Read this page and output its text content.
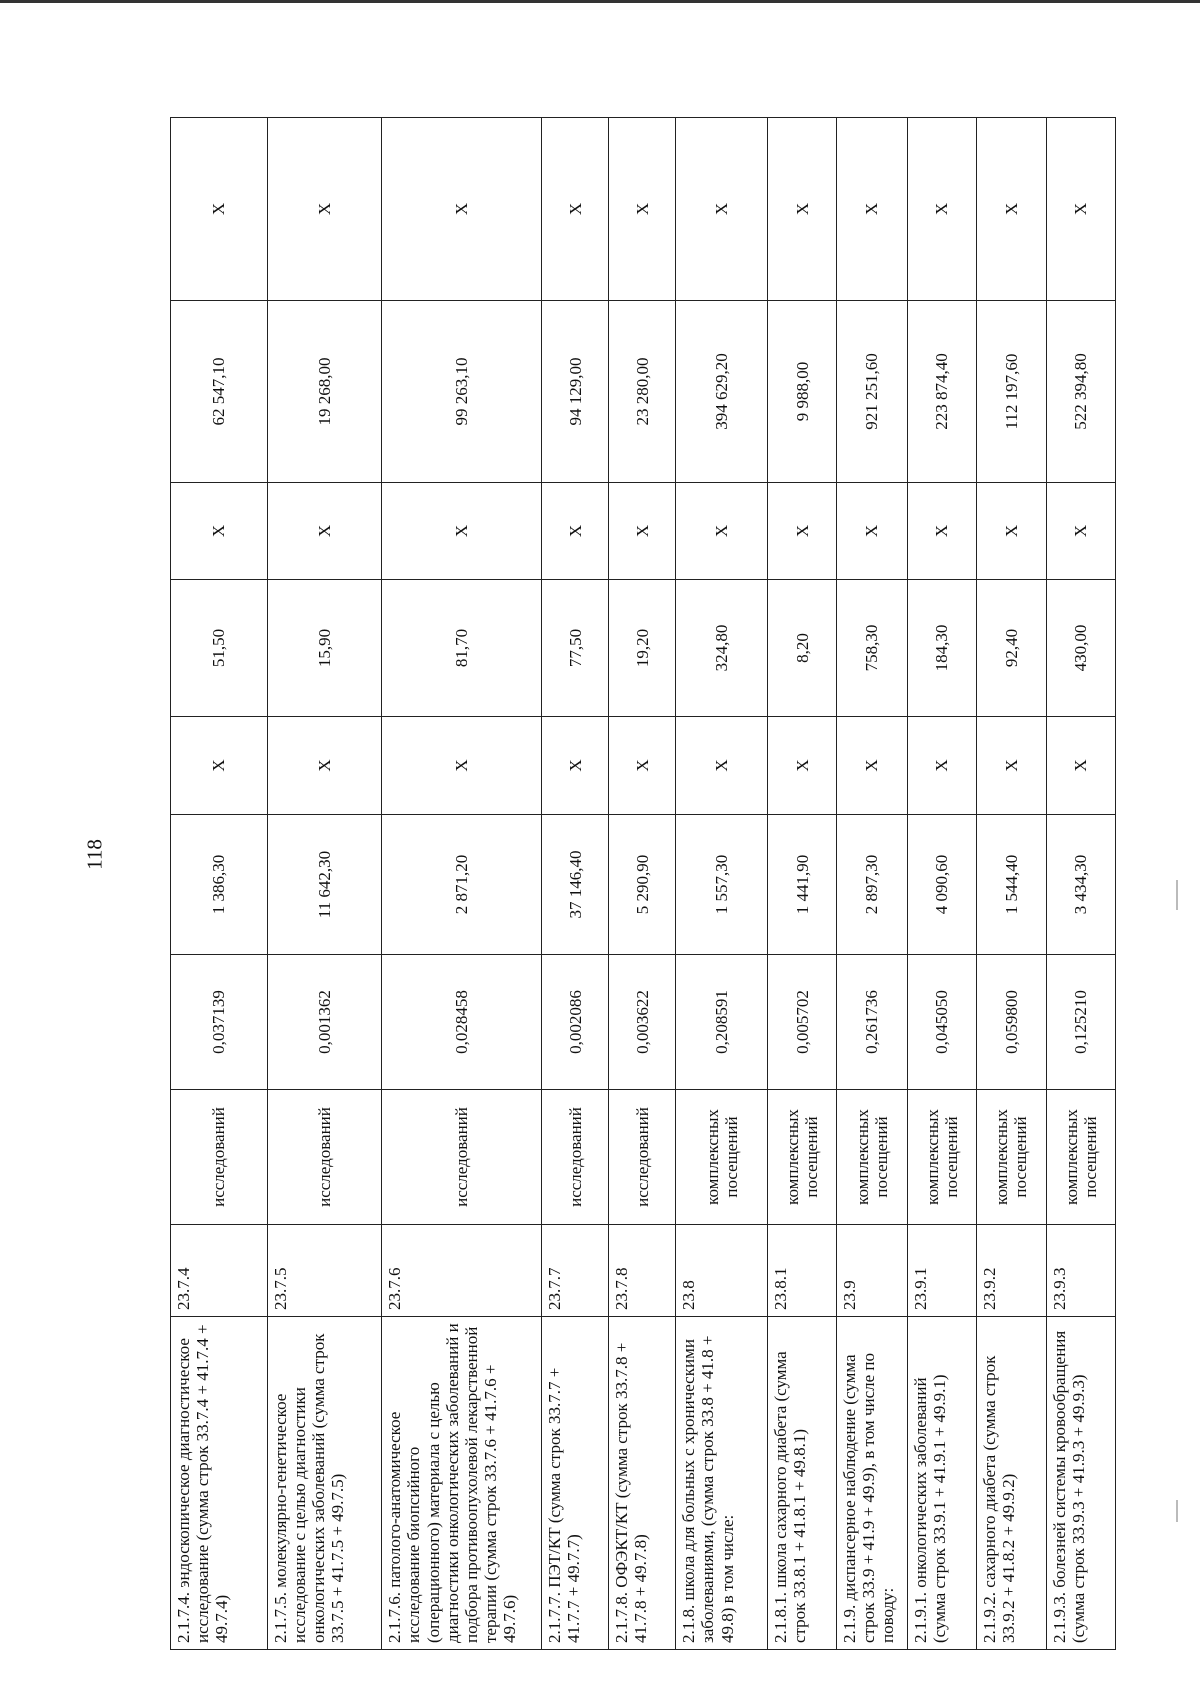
118
2.1.7.4. эндоскопическое диагностическое исследование (сумма строк 33.7.4 + 41.7.4 + 49.7.4)	23.7.4	исследований	0,037139	1 386,30	X	51,50	X	62 547,10	X
2.1.7.5. молекулярно-генетическое исследование с целью диагностики онкологических заболеваний (сумма строк 33.7.5 + 41.7.5 + 49.7.5)	23.7.5	исследований	0,001362	11 642,30	X	15,90	X	19 268,00	X
2.1.7.6. патолого-анатомическое исследование биопсийного (операционного) материала с целью диагностики онкологических заболеваний и подбора противоопухолевой лекарственной терапии (сумма строк 33.7.6 + 41.7.6 + 49.7.6)	23.7.6	исследований	0,028458	2 871,20	X	81,70	X	99 263,10	X
2.1.7.7. ПЭТ/КТ (сумма строк 33.7.7 + 41.7.7 + 49.7.7)	23.7.7	исследований	0,002086	37 146,40	X	77,50	X	94 129,00	X
2.1.7.8. ОФЭКТ/КТ (сумма строк 33.7.8 + 41.7.8 + 49.7.8)	23.7.8	исследований	0,003622	5 290,90	X	19,20	X	23 280,00	X
2.1.8. школа для больных с хроническими заболеваниями, (сумма строк 33.8 + 41.8 + 49.8) в том числе:	23.8	комплексных посещений	0,208591	1 557,30	X	324,80	X	394 629,20	X
2.1.8.1. школа сахарного диабета (сумма строк 33.8.1 + 41.8.1 + 49.8.1)	23.8.1	комплексных посещений	0,005702	1 441,90	X	8,20	X	9 988,00	X
2.1.9. диспансерное наблюдение (сумма строк 33.9 + 41.9 + 49.9), в том числе по поводу:	23.9	комплексных посещений	0,261736	2 897,30	X	758,30	X	921 251,60	X
2.1.9.1. онкологических заболеваний (сумма строк 33.9.1 + 41.9.1 + 49.9.1)	23.9.1	комплексных посещений	0,045050	4 090,60	X	184,30	X	223 874,40	X
2.1.9.2. сахарного диабета (сумма строк 33.9.2 + 41.8.2 + 49.9.2)	23.9.2	комплексных посещений	0,059800	1 544,40	X	92,40	X	112 197,60	X
2.1.9.3. болезней системы кровообращения (сумма строк 33.9.3 + 41.9.3 + 49.9.3)	23.9.3	комплексных посещений	0,125210	3 434,30	X	430,00	X	522 394,80	X
